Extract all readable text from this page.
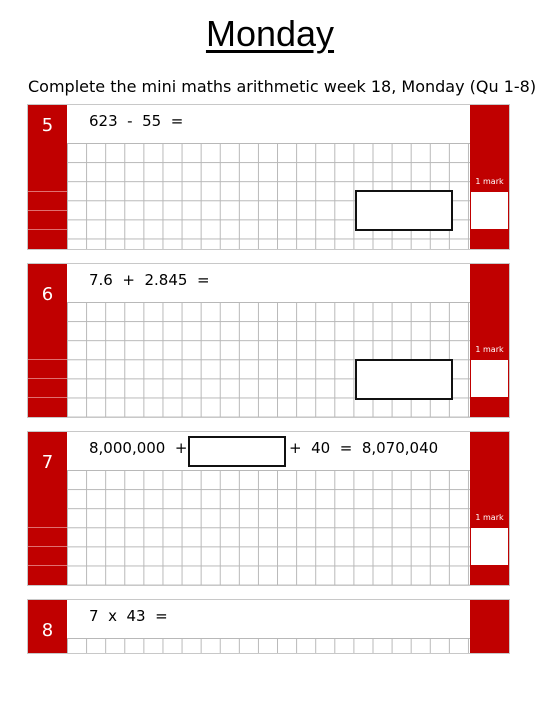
Monday
Complete the mini maths arithmetic week 18, Monday (Qu 1-8)
5	623  -  55  =
1 mark
6
7.6  +  2.845  =
1 mark
7
8,000,000  +	+  40  =  8,070,040
1 mark
8
7  x  43  =
